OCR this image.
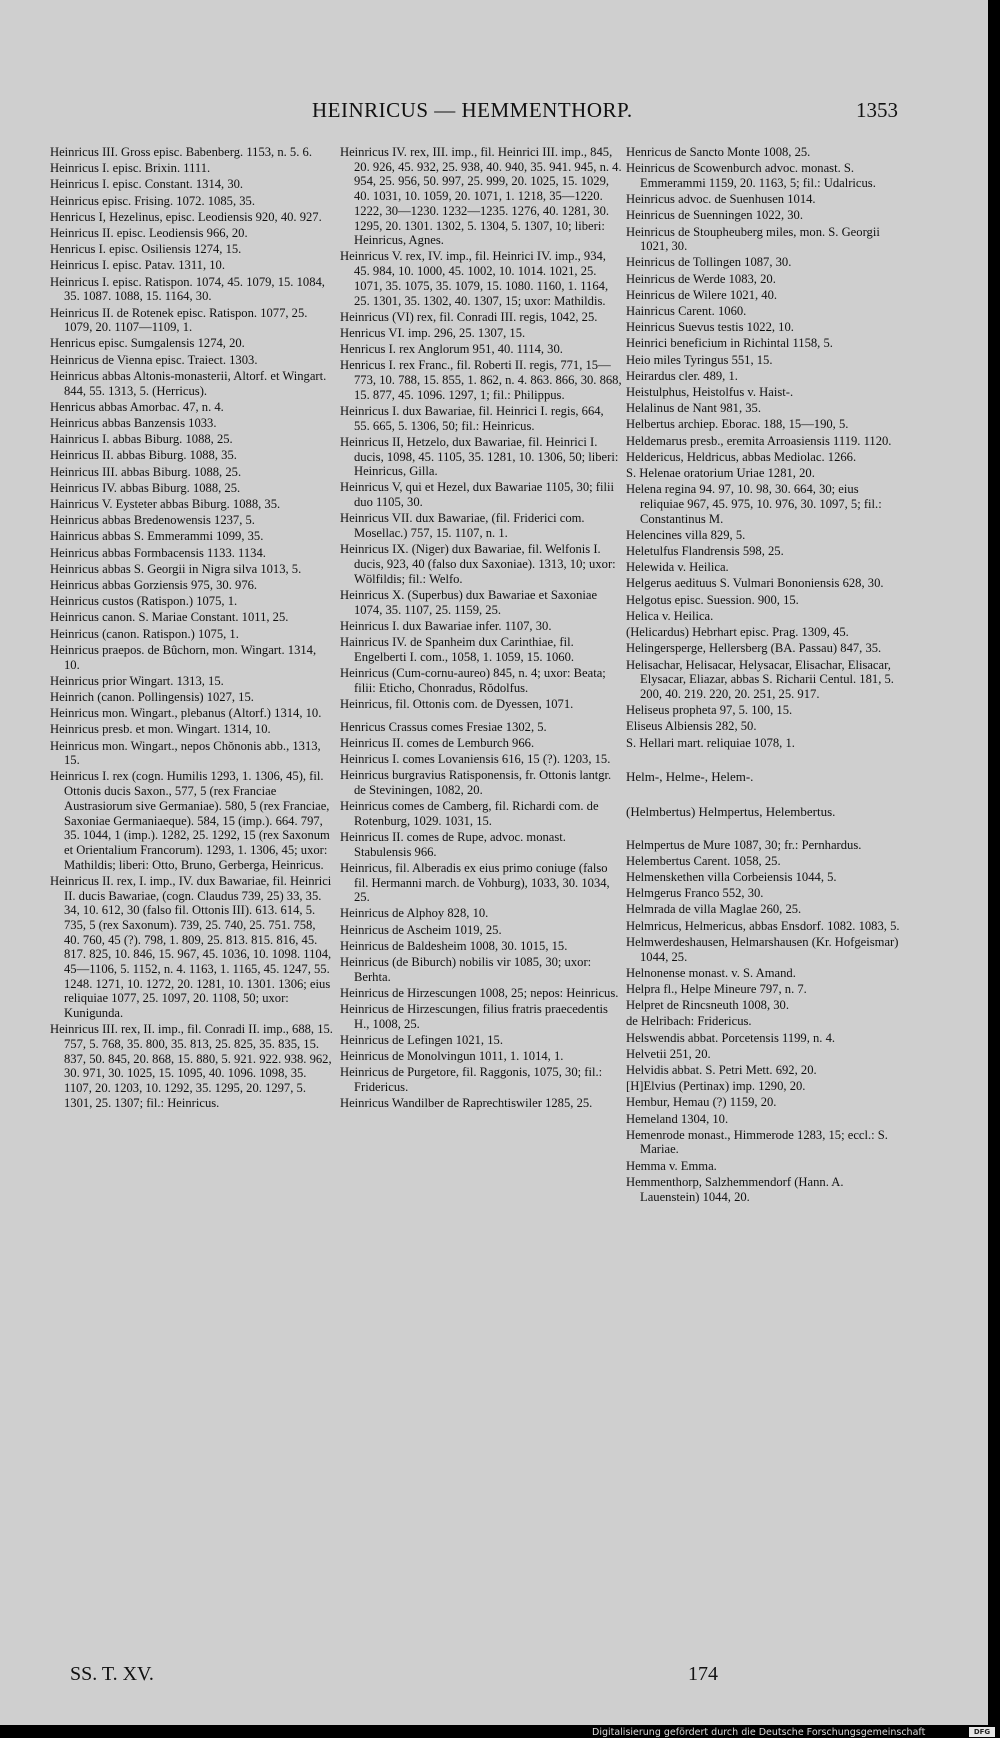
HEINRICUS — HEMMENTHORP.	1353
Heinricus III. Gross episc. Babenberg. 1153, n. 5. 6.
Heinricus I. episc. Brixin. 1111.
Heinricus I. episc. Constant. 1314, 30.
Heinricus episc. Frising. 1072. 1085, 35.
Henricus I, Hezelinus, episc. Leodiensis 920, 40. 927.
Heinricus II. episc. Leodiensis 966, 20.
Henricus I. episc. Osiliensis 1274, 15.
Heinricus I. episc. Patav. 1311, 10.
Heinricus I. episc. Ratispon. 1074, 45. 1079, 15. 1084, 35. 1087. 1088, 15. 1164, 30.
Heinricus II. de Rotenek episc. Ratispon. 1077, 25. 1079, 20. 1107—1109, 1.
Henricus episc. Sumgalensis 1274, 20.
Heinricus de Vienna episc. Traiect. 1303.
Heinricus abbas Altonis-monasterii, Altorf. et Wingart. 844, 55. 1313, 5. (Herricus).
Henricus abbas Amorbac. 47, n. 4.
Heinricus abbas Banzensis 1033.
Hainricus I. abbas Biburg. 1088, 25.
Heinricus II. abbas Biburg. 1088, 35.
Heinricus III. abbas Biburg. 1088, 25.
Heinricus IV. abbas Biburg. 1088, 25.
Hainricus V. Eysteter abbas Biburg. 1088, 35.
Heinricus abbas Bredenowensis 1237, 5.
Hainricus abbas S. Emmerammi 1099, 35.
Heinricus abbas Formbacensis 1133. 1134.
Heinricus abbas S. Georgii in Nigra silva 1013, 5.
Heinricus abbas Gorziensis 975, 30. 976.
Heinricus custos (Ratispon.) 1075, 1.
Heinricus canon. S. Mariae Constant. 1011, 25.
Heinricus (canon. Ratispon.) 1075, 1.
Heinricus praepos. de Bûchorn, mon. Wingart. 1314, 10.
Heinricus prior Wingart. 1313, 15.
Heinrich (canon. Pollingensis) 1027, 15.
Heinricus mon. Wingart., plebanus (Altorf.) 1314, 10.
Heinricus presb. et mon. Wingart. 1314, 10.
Heinricus mon. Wingart., nepos Chŏnonis abb., 1313, 15.
Heinricus I. rex (cogn. Humilis 1293, 1. 1306, 45), fil. Ottonis ducis Saxon., 577, 5 (rex Franciae Austrasiorum sive Germaniae). 580, 5 (rex Franciae, Saxoniae Germaniaeque). 584, 15 (imp.). 664. 797, 35. 1044, 1 (imp.). 1282, 25. 1292, 15 (rex Saxonum et Orientalium Francorum). 1293, 1. 1306, 45; uxor: Mathildis; liberi: Otto, Bruno, Gerberga, Heinricus.
Heinricus II. rex, I. imp., IV. dux Bawariae, fil. Heinrici II. ducis Bawariae, (cogn. Claudus 739, 25) 33, 35. 34, 10. 612, 30 (falso fil. Ottonis III). 613. 614, 5. 735, 5 (rex Saxonum). 739, 25. 740, 25. 751. 758, 40. 760, 45 (?). 798, 1. 809, 25. 813. 815. 816, 45. 817. 825, 10. 846, 15. 967, 45. 1036, 10. 1098. 1104, 45—1106, 5. 1152, n. 4. 1163, 1. 1165, 45. 1247, 55. 1248. 1271, 10. 1272, 20. 1281, 10. 1301. 1306; eius reliquiae 1077, 25. 1097, 20. 1108, 50; uxor: Kunigunda.
Heinricus III. rex, II. imp., fil. Conradi II. imp., 688, 15. 757, 5. 768, 35. 800, 35. 813, 25. 825, 35. 835, 15. 837, 50. 845, 20. 868, 15. 880, 5. 921. 922. 938. 962, 30. 971, 30. 1025, 15. 1095, 40. 1096. 1098, 35. 1107, 20. 1203, 10. 1292, 35. 1295, 20. 1297, 5. 1301, 25. 1307; fil.: Heinricus.
Heinricus IV. rex, III. imp., fil. Heinrici III. imp., 845, 20. 926, 45. 932, 25. 938, 40. 940, 35. 941. 945, n. 4. 954, 25. 956, 50. 997, 25. 999, 20. 1025, 15. 1029, 40. 1031, 10. 1059, 20. 1071, 1. 1218, 35—1220. 1222, 30—1230. 1232—1235. 1276, 40. 1281, 30. 1295, 20. 1301. 1302, 5. 1304, 5. 1307, 10; liberi: Heinricus, Agnes.
Heinricus V. rex, IV. imp., fil. Heinrici IV. imp., 934, 45. 984, 10. 1000, 45. 1002, 10. 1014. 1021, 25. 1071, 35. 1075, 35. 1079, 15. 1080. 1160, 1. 1164, 25. 1301, 35. 1302, 40. 1307, 15; uxor: Mathildis.
Heinricus (VI) rex, fil. Conradi III. regis, 1042, 25.
Henricus VI. imp. 296, 25. 1307, 15.
Henricus I. rex Anglorum 951, 40. 1114, 30.
Henricus I. rex Franc., fil. Roberti II. regis, 771, 15—773, 10. 788, 15. 855, 1. 862, n. 4. 863. 866, 30. 868, 15. 877, 45. 1096. 1297, 1; fil.: Philippus.
Heinricus I. dux Bawariae, fil. Heinrici I. regis, 664, 55. 665, 5. 1306, 50; fil.: Heinricus.
Heinricus II, Hetzelo, dux Bawariae, fil. Heinrici I. ducis, 1098, 45. 1105, 35. 1281, 10. 1306, 50; liberi: Heinricus, Gilla.
Heinricus V, qui et Hezel, dux Bawariae 1105, 30; filii duo 1105, 30.
Heinricus VII. dux Bawariae, (fil. Friderici com. Mosellac.) 757, 15. 1107, n. 1.
Heinricus IX. (Niger) dux Bawariae, fil. Welfonis I. ducis, 923, 40 (falso dux Saxoniae). 1313, 10; uxor: Wölfildis; fil.: Welfo.
Heinricus X. (Superbus) dux Bawariae et Saxoniae 1074, 35. 1107, 25. 1159, 25.
Heinricus I. dux Bawariae infer. 1107, 30.
Hainricus IV. de Spanheim dux Carinthiae, fil. Engelberti I. com., 1058, 1. 1059, 15. 1060.
Heinricus (Cum-cornu-aureo) 845, n. 4; uxor: Beata; filii: Eticho, Chonradus, Rŏdolfus.
Heinricus, fil. Ottonis com. de Dyessen, 1071.
Henricus Crassus comes Fresiae 1302, 5.
Heinricus II. comes de Lemburch 966.
Heinricus I. comes Lovaniensis 616, 15 (?). 1203, 15.
Heinricus burgravius Ratisponensis, fr. Ottonis lantgr. de Steviningen, 1082, 20.
Heinricus comes de Camberg, fil. Richardi com. de Rotenburg, 1029. 1031, 15.
Heinricus II. comes de Rupe, advoc. monast. Stabulensis 966.
Heinricus, fil. Alberadis ex eius primo coniuge (falso fil. Hermanni march. de Vohburg), 1033, 30. 1034, 25.
Heinricus de Alphoy 828, 10.
Heinricus de Ascheim 1019, 25.
Heinricus de Baldesheim 1008, 30. 1015, 15.
Heinricus (de Biburch) nobilis vir 1085, 30; uxor: Berhta.
Heinricus de Hirzescungen 1008, 25; nepos: Heinricus.
Heinricus de Hirzescungen, filius fratris praecedentis H., 1008, 25.
Heinricus de Lefingen 1021, 15.
Heinricus de Monolvingun 1011, 1. 1014, 1.
Heinricus de Purgetore, fil. Raggonis, 1075, 30; fil.: Fridericus.
Heinricus Wandilber de Raprechtiswiler 1285, 25.
Henricus de Sancto Monte 1008, 25.
Heinricus de Scowenburch advoc. monast. S. Emmerammi 1159, 20. 1163, 5; fil.: Udalricus.
Heinricus advoc. de Suenhusen 1014.
Heinricus de Suenningen 1022, 30.
Heinricus de Stoupheuberg miles, mon. S. Georgii 1021, 30.
Heinricus de Tollingen 1087, 30.
Heinricus de Werde 1083, 20.
Heinricus de Wilere 1021, 40.
Hainricus Carent. 1060.
Heinricus Suevus testis 1022, 10.
Heinrici beneficium in Richintal 1158, 5.
Heio miles Tyringus 551, 15.
Heirardus cler. 489, 1.
Heistulphus, Heistolfus v. Haist-.
Helalinus de Nant 981, 35.
Helbertus archiep. Eborac. 188, 15—190, 5.
Heldemarus presb., eremita Arroasiensis 1119. 1120.
Heldericus, Heldricus, abbas Mediolac. 1266.
S. Helenae oratorium Uriae 1281, 20.
Helena regina 94. 97, 10. 98, 30. 664, 30; eius reliquiae 967, 45. 975, 10. 976, 30. 1097, 5; fil.: Constantinus M.
Helencines villa 829, 5.
Heletulfus Flandrensis 598, 25.
Helewida v. Heilica.
Helgerus aedituus S. Vulmari Bononiensis 628, 30.
Helgotus episc. Suession. 900, 15.
Helica v. Heilica.
(Helicardus) Hebrhart episc. Prag. 1309, 45.
Helingersperge, Hellersberg (BA. Passau) 847, 35.
Helisachar, Helisacar, Helysacar, Elisachar, Elisacar, Elysacar, Eliazar, abbas S. Richarii Centul. 181, 5. 200, 40. 219. 220, 20. 251, 25. 917.
Heliseus propheta 97, 5. 100, 15.
Eliseus Albiensis 282, 50.
S. Hellari mart. reliquiae 1078, 1.
Helm-, Helme-, Helem-.
(Helmbertus) Helmpertus, Helembertus.
Helmpertus de Mure 1087, 30; fr.: Pernhardus.
Helembertus Carent. 1058, 25.
Helmenskethen villa Corbeiensis 1044, 5.
Helmgerus Franco 552, 30.
Helmrada de villa Maglae 260, 25.
Helmricus, Helmericus, abbas Ensdorf. 1082. 1083, 5.
Helmwerdeshausen, Helmarshausen (Kr. Hofgeismar) 1044, 25.
Helnonense monast. v. S. Amand.
Helpra fl., Helpe Mineure 797, n. 7.
Helpret de Rincsneuth 1008, 30.
de Helribach: Fridericus.
Helswendis abbat. Porcetensis 1199, n. 4.
Helvetii 251, 20.
Helvidis abbat. S. Petri Mett. 692, 20.
[H]Elvius (Pertinax) imp. 1290, 20.
Hembur, Hemau (?) 1159, 20.
Hemeland 1304, 10.
Hemenrode monast., Himmerode 1283, 15; eccl.: S. Mariae.
Hemma v. Emma.
Hemmenthorp, Salzhemmendorf (Hann. A. Lauenstein) 1044, 20.
SS. T. XV.	174
Digitalisierung gefördert durch die Deutsche Forschungsgemeinschaft	DFG
